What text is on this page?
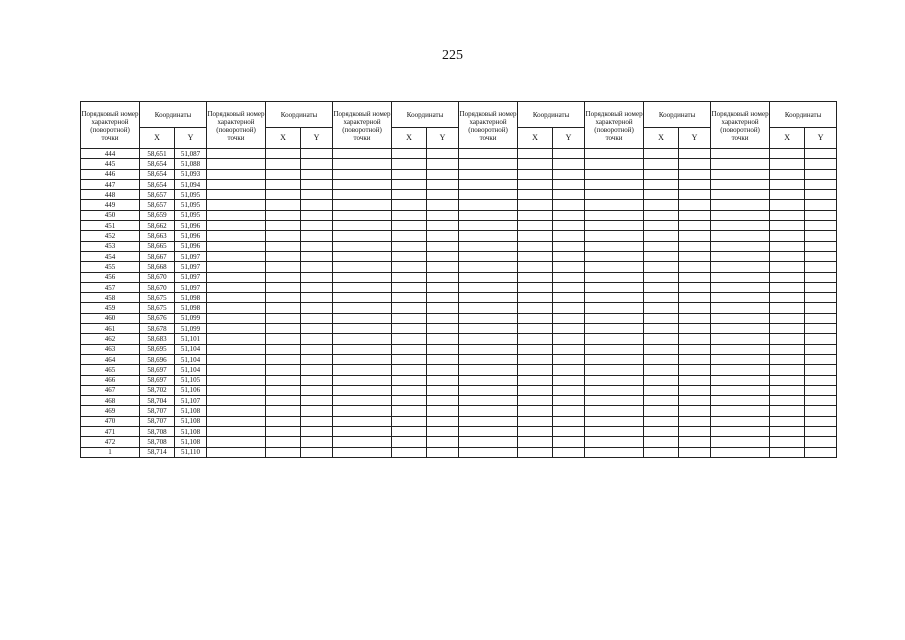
225
Порядковый номер характерной (поворотной) точки	Координаты		Порядковый номер характерной (поворотной) точки	Координаты		Порядковый номер характерной (поворотной) точки	Координаты		Порядковый номер характерной (поворотной) точки	Координаты		Порядковый номер характерной (поворотной) точки	Координаты		Порядковый номер характерной (поворотной) точки	Координаты	
	X	Y		X	Y		X	Y		X	Y		X	Y		X	Y
444	58,651	51,087															
445	58,654	51,088															
446	58,654	51,093															
447	58,654	51,094															
448	58,657	51,095															
449	58,657	51,095															
450	58,659	51,095															
451	58,662	51,096															
452	58,663	51,096															
453	58,665	51,096															
454	58,667	51,097															
455	58,668	51,097															
456	58,670	51,097															
457	58,670	51,097															
458	58,675	51,098															
459	58,675	51,098															
460	58,676	51,099															
461	58,678	51,099															
462	58,683	51,101															
463	58,695	51,104															
464	58,696	51,104															
465	58,697	51,104															
466	58,697	51,105															
467	58,702	51,106															
468	58,704	51,107															
469	58,707	51,108															
470	58,707	51,108															
471	58,708	51,108															
472	58,708	51,108															
1	58,714	51,110															
